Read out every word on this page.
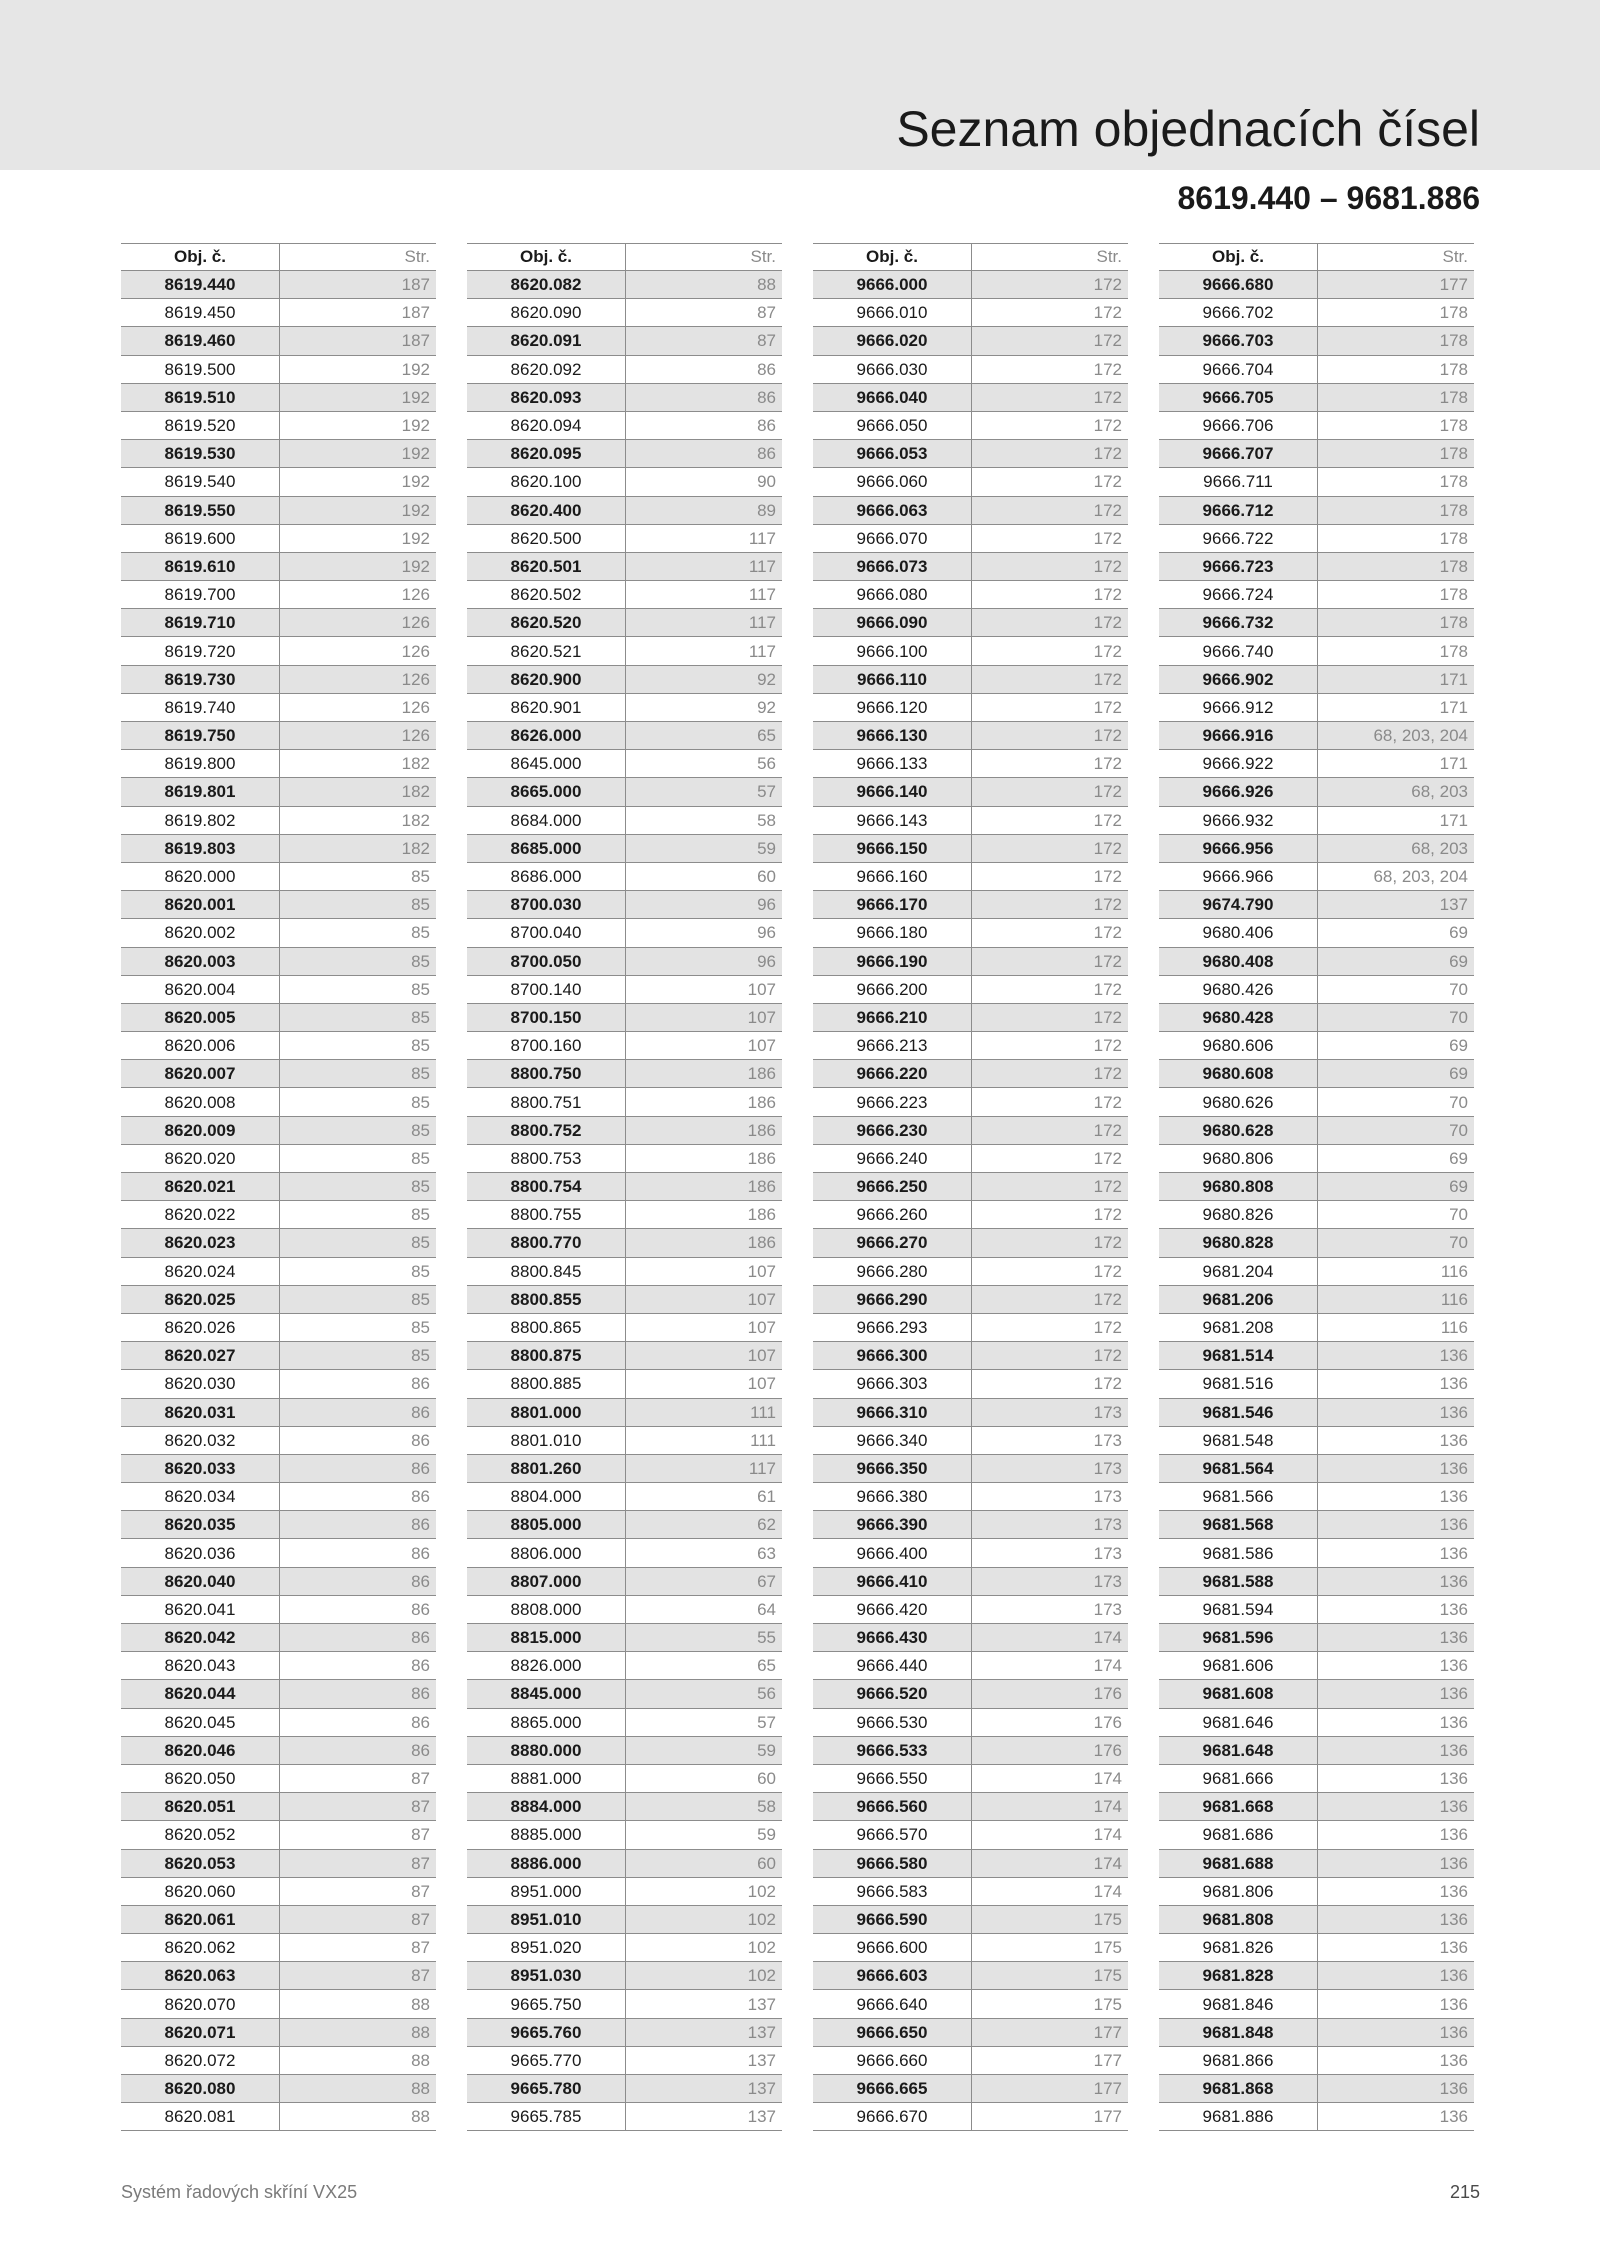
Seznam objednacích čísel
8619.440 – 9681.886
Obj. č.	Str.
8619.440	187
8619.450	187
8619.460	187
8619.500	192
8619.510	192
8619.520	192
8619.530	192
8619.540	192
8619.550	192
8619.600	192
8619.610	192
8619.700	126
8619.710	126
8619.720	126
8619.730	126
8619.740	126
8619.750	126
8619.800	182
8619.801	182
8619.802	182
8619.803	182
8620.000	85
8620.001	85
8620.002	85
8620.003	85
8620.004	85
8620.005	85
8620.006	85
8620.007	85
8620.008	85
8620.009	85
8620.020	85
8620.021	85
8620.022	85
8620.023	85
8620.024	85
8620.025	85
8620.026	85
8620.027	85
8620.030	86
8620.031	86
8620.032	86
8620.033	86
8620.034	86
8620.035	86
8620.036	86
8620.040	86
8620.041	86
8620.042	86
8620.043	86
8620.044	86
8620.045	86
8620.046	86
8620.050	87
8620.051	87
8620.052	87
8620.053	87
8620.060	87
8620.061	87
8620.062	87
8620.063	87
8620.070	88
8620.071	88
8620.072	88
8620.080	88
8620.081	88
Obj. č.	Str.
8620.082	88
8620.090	87
8620.091	87
8620.092	86
8620.093	86
8620.094	86
8620.095	86
8620.100	90
8620.400	89
8620.500	117
8620.501	117
8620.502	117
8620.520	117
8620.521	117
8620.900	92
8620.901	92
8626.000	65
8645.000	56
8665.000	57
8684.000	58
8685.000	59
8686.000	60
8700.030	96
8700.040	96
8700.050	96
8700.140	107
8700.150	107
8700.160	107
8800.750	186
8800.751	186
8800.752	186
8800.753	186
8800.754	186
8800.755	186
8800.770	186
8800.845	107
8800.855	107
8800.865	107
8800.875	107
8800.885	107
8801.000	111
8801.010	111
8801.260	117
8804.000	61
8805.000	62
8806.000	63
8807.000	67
8808.000	64
8815.000	55
8826.000	65
8845.000	56
8865.000	57
8880.000	59
8881.000	60
8884.000	58
8885.000	59
8886.000	60
8951.000	102
8951.010	102
8951.020	102
8951.030	102
9665.750	137
9665.760	137
9665.770	137
9665.780	137
9665.785	137
Obj. č.	Str.
9666.000	172
9666.010	172
9666.020	172
9666.030	172
9666.040	172
9666.050	172
9666.053	172
9666.060	172
9666.063	172
9666.070	172
9666.073	172
9666.080	172
9666.090	172
9666.100	172
9666.110	172
9666.120	172
9666.130	172
9666.133	172
9666.140	172
9666.143	172
9666.150	172
9666.160	172
9666.170	172
9666.180	172
9666.190	172
9666.200	172
9666.210	172
9666.213	172
9666.220	172
9666.223	172
9666.230	172
9666.240	172
9666.250	172
9666.260	172
9666.270	172
9666.280	172
9666.290	172
9666.293	172
9666.300	172
9666.303	172
9666.310	173
9666.340	173
9666.350	173
9666.380	173
9666.390	173
9666.400	173
9666.410	173
9666.420	173
9666.430	174
9666.440	174
9666.520	176
9666.530	176
9666.533	176
9666.550	174
9666.560	174
9666.570	174
9666.580	174
9666.583	174
9666.590	175
9666.600	175
9666.603	175
9666.640	175
9666.650	177
9666.660	177
9666.665	177
9666.670	177
Obj. č.	Str.
9666.680	177
9666.702	178
9666.703	178
9666.704	178
9666.705	178
9666.706	178
9666.707	178
9666.711	178
9666.712	178
9666.722	178
9666.723	178
9666.724	178
9666.732	178
9666.740	178
9666.902	171
9666.912	171
9666.916	68, 203, 204
9666.922	171
9666.926	68, 203
9666.932	171
9666.956	68, 203
9666.966	68, 203, 204
9674.790	137
9680.406	69
9680.408	69
9680.426	70
9680.428	70
9680.606	69
9680.608	69
9680.626	70
9680.628	70
9680.806	69
9680.808	69
9680.826	70
9680.828	70
9681.204	116
9681.206	116
9681.208	116
9681.514	136
9681.516	136
9681.546	136
9681.548	136
9681.564	136
9681.566	136
9681.568	136
9681.586	136
9681.588	136
9681.594	136
9681.596	136
9681.606	136
9681.608	136
9681.646	136
9681.648	136
9681.666	136
9681.668	136
9681.686	136
9681.688	136
9681.806	136
9681.808	136
9681.826	136
9681.828	136
9681.846	136
9681.848	136
9681.866	136
9681.868	136
9681.886	136
Systém řadových skříní VX25	215
